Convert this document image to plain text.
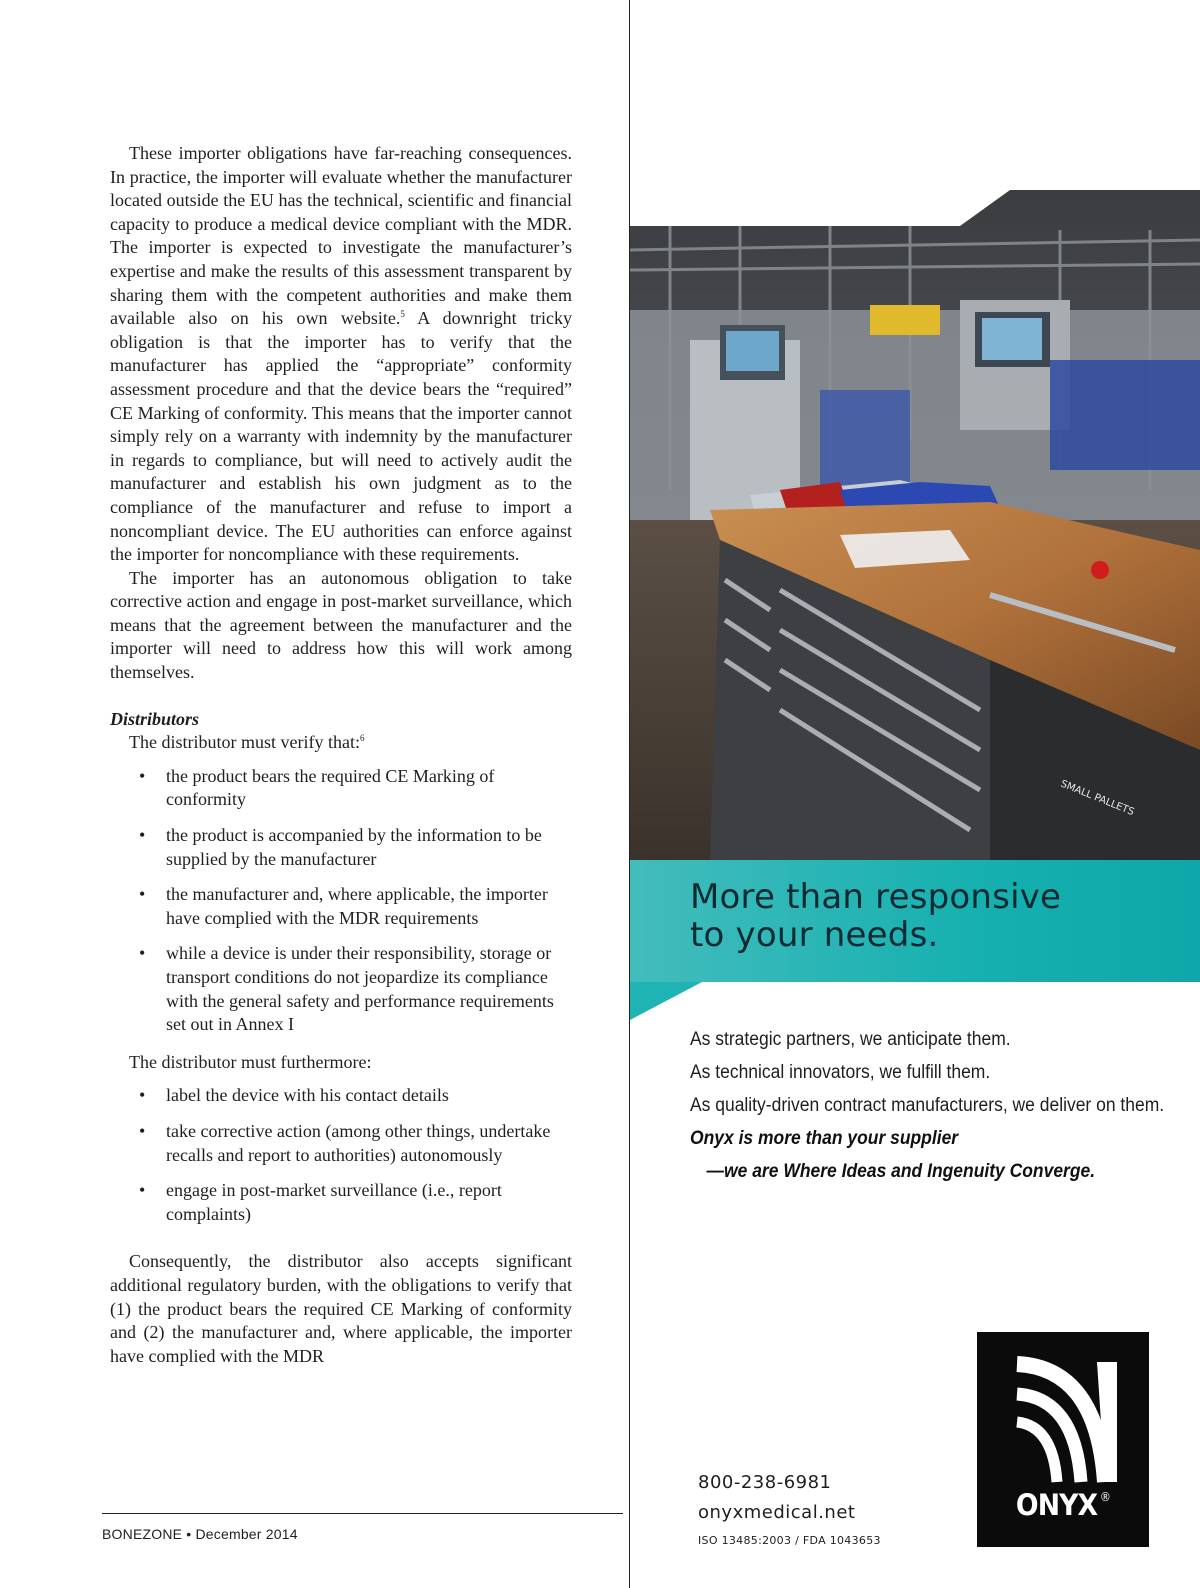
These importer obligations have far-reaching consequences. In practice, the importer will evaluate whether the manufacturer located outside the EU has the technical, scientific and financial capacity to produce a medical device compliant with the MDR. The importer is expected to investigate the manufacturer’s expertise and make the results of this assessment transparent by sharing them with the competent authorities and make them available also on his own website.$^5$ A downright tricky obligation is that the importer has to verify that the manufacturer has applied the “appropriate” conformity assessment procedure and that the device bears the “required” CE Marking of conformity. This means that the importer cannot simply rely on a warranty with indemnity by the manufacturer in regards to compliance, but will need to actively audit the manufacturer and establish his own judgment as to the compliance of the manufacturer and refuse to import a noncompliant device. The EU authorities can enforce against the importer for noncompliance with these requirements.

The importer has an autonomous obligation to take corrective action and engage in post-market surveillance, which means that the agreement between the manufacturer and the importer will need to address how this will work among themselves.

Distributors
The distributor must verify that:$^6$
• the product bears the required CE Marking of conformity
• the product is accompanied by the information to be supplied by the manufacturer
• the manufacturer and, where applicable, the importer have complied with the MDR requirements
• while a device is under their responsibility, storage or transport conditions do not jeopardize its compliance with the general safety and performance requirements set out in Annex I
The distributor must furthermore:
• label the device with his contact details
• take corrective action (among other things, undertake recalls and report to authorities) autonomously
• engage in post-market surveillance (i.e., report complaints)

Consequently, the distributor also accepts significant additional regulatory burden, with the obligations to verify that (1) the product bears the required CE Marking of conformity and (2) the manufacturer and, where applicable, the importer have complied with the MDR

BONEZONE • December 2014
SMALL PALLETS
More than responsive
to your needs.
As strategic partners, we anticipate them.
As technical innovators, we fulfill them.
As quality-driven contract manufacturers, we deliver on them.
Onyx is more than your supplier
—we are Where Ideas and Ingenuity Converge.
800-238-6981
onyxmedical.net
ISO 13485:2003 / FDA 1043653
ONYX ®
